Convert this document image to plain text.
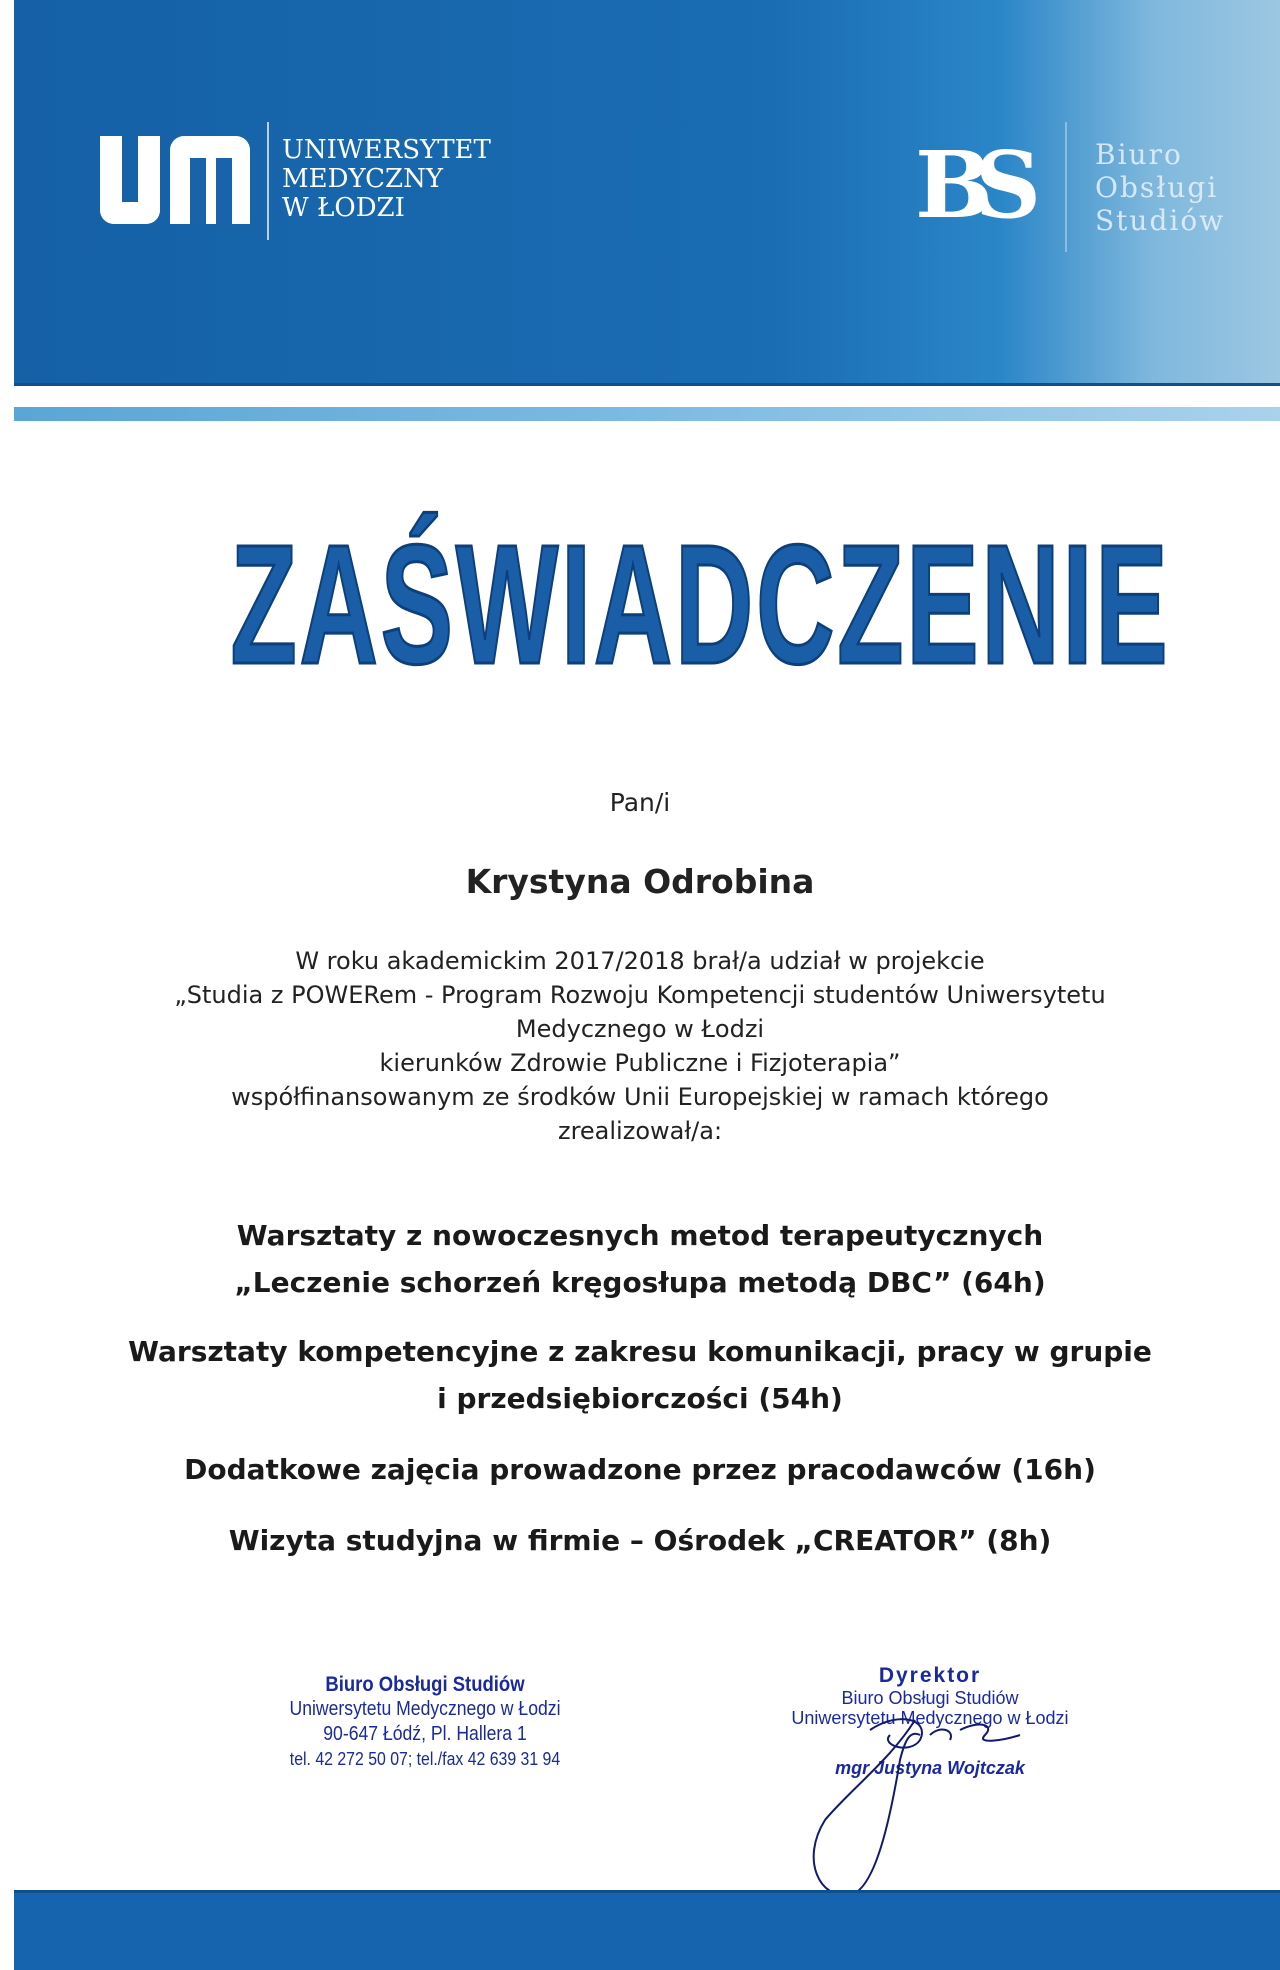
UNIWERSYTET
MEDYCZNY
W ŁODZI	BS	Biuro
Obsługi
Studiów
ZAŚWIADCZENIE
Pan/i
Krystyna Odrobina
W roku akademickim 2017/2018 brał/a udział w projekcie
„Studia z POWERem - Program Rozwoju Kompetencji studentów Uniwersytetu
Medycznego w Łodzi
kierunków Zdrowie Publiczne i Fizjoterapia”
współfinansowanym ze środków Unii Europejskiej w ramach którego
zrealizował/a:
Warsztaty z nowoczesnych metod terapeutycznych
„Leczenie schorzeń kręgosłupa metodą DBC” (64h)
Warsztaty kompetencyjne z zakresu komunikacji, pracy w grupie
i przedsiębiorczości (54h)
Dodatkowe zajęcia prowadzone przez pracodawców (16h)
Wizyta studyjna w firmie – Ośrodek „CREATOR” (8h)
Biuro Obsługi Studiów
Uniwersytetu Medycznego w Łodzi
90-647 Łódź, Pl. Hallera 1
tel. 42 272 50 07; tel./fax 42 639 31 94
Dyrektor
Biuro Obsługi Studiów
Uniwersytetu Medycznego w Łodzi
mgr Justyna Wojtczak
